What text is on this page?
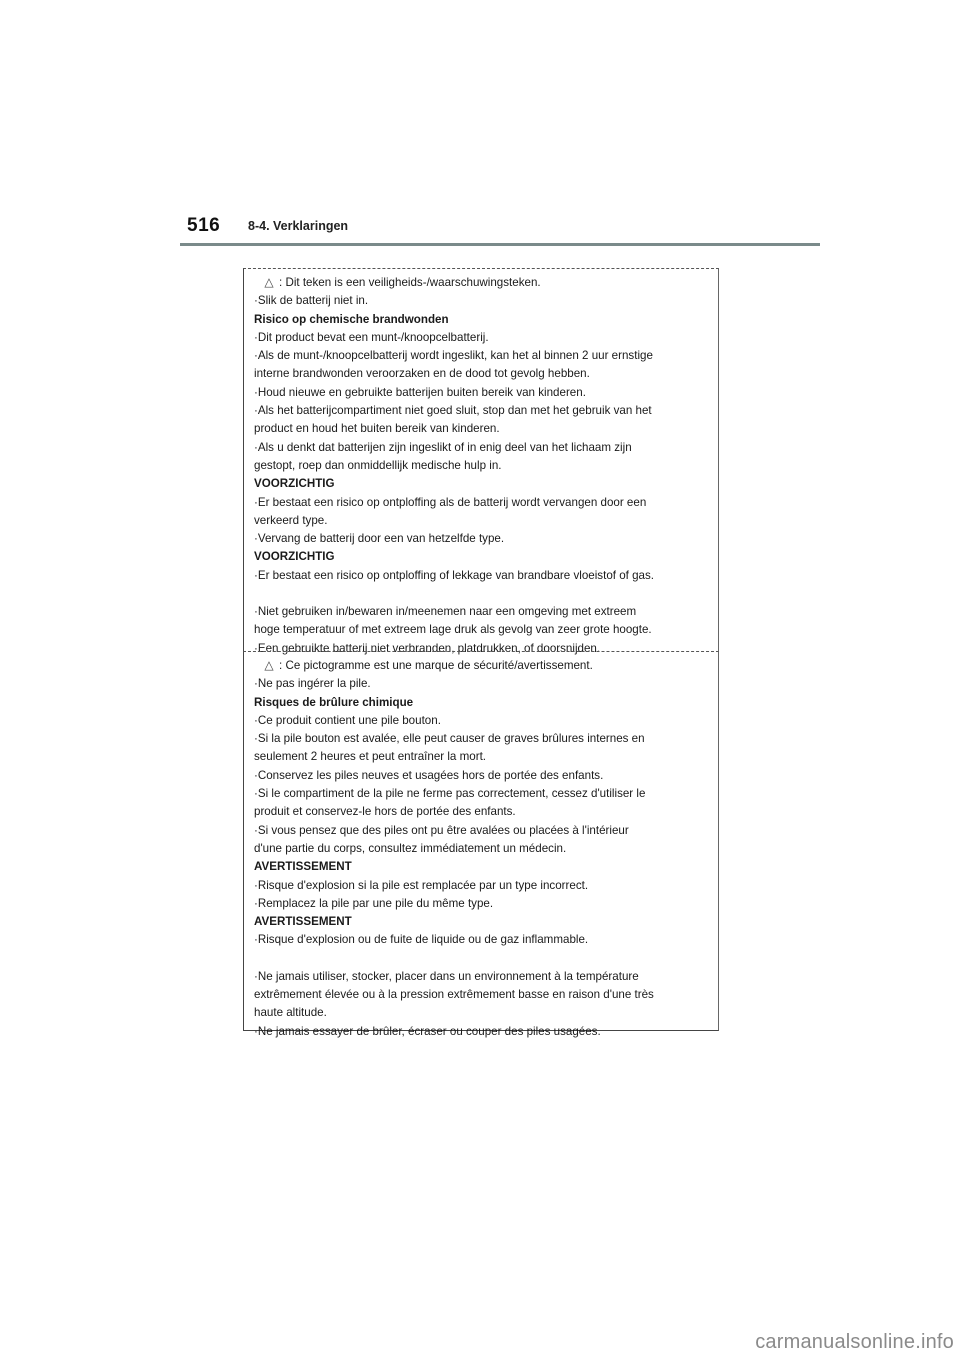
516 8-4. Verklaringen
△ : Dit teken is een veiligheids-/waarschuwingsteken.
·Slik de batterij niet in.
Risico op chemische brandwonden
·Dit product bevat een munt-/knoopcelbatterij.
·Als de munt-/knoopcelbatterij wordt ingeslikt, kan het al binnen 2 uur ernstige
interne brandwonden veroorzaken en de dood tot gevolg hebben.
·Houd nieuwe en gebruikte batterijen buiten bereik van kinderen.
·Als het batterijcompartiment niet goed sluit, stop dan met het gebruik van het
product en houd het buiten bereik van kinderen.
·Als u denkt dat batterijen zijn ingeslikt of in enig deel van het lichaam zijn
gestopt, roep dan onmiddellijk medische hulp in.
VOORZICHTIG
·Er bestaat een risico op ontploffing als de batterij wordt vervangen door een
verkeerd type.
·Vervang de batterij door een van hetzelfde type.
VOORZICHTIG
·Er bestaat een risico op ontploffing of lekkage van brandbare vloeistof of gas.
·Niet gebruiken in/bewaren in/meenemen naar een omgeving met extreem
hoge temperatuur of met extreem lage druk als gevolg van zeer grote hoogte.
·Een gebruikte batterij niet verbranden, platdrukken, of doorsnijden.
△ : Ce pictogramme est une marque de sécurité/avertissement.
·Ne pas ingérer la pile.
Risques de brûlure chimique
·Ce produit contient une pile bouton.
·Si la pile bouton est avalée, elle peut causer de graves brûlures internes en
seulement 2 heures et peut entraîner la mort.
·Conservez les piles neuves et usagées hors de portée des enfants.
·Si le compartiment de la pile ne ferme pas correctement, cessez d'utiliser le
produit et conservez-le hors de portée des enfants.
·Si vous pensez que des piles ont pu être avalées ou placées à l'intérieur
d'une partie du corps, consultez immédiatement un médecin.
AVERTISSEMENT
·Risque d'explosion si la pile est remplacée par un type incorrect.
·Remplacez la pile par une pile du même type.
AVERTISSEMENT
·Risque d'explosion ou de fuite de liquide ou de gaz inflammable.
·Ne jamais utiliser, stocker, placer dans un environnement à la température
extrêmement élevée ou à la pression extrêmement basse en raison d'une très
haute altitude.
·Ne jamais essayer de brûler, écraser ou couper des piles usagées.
carmanualsonline.info
